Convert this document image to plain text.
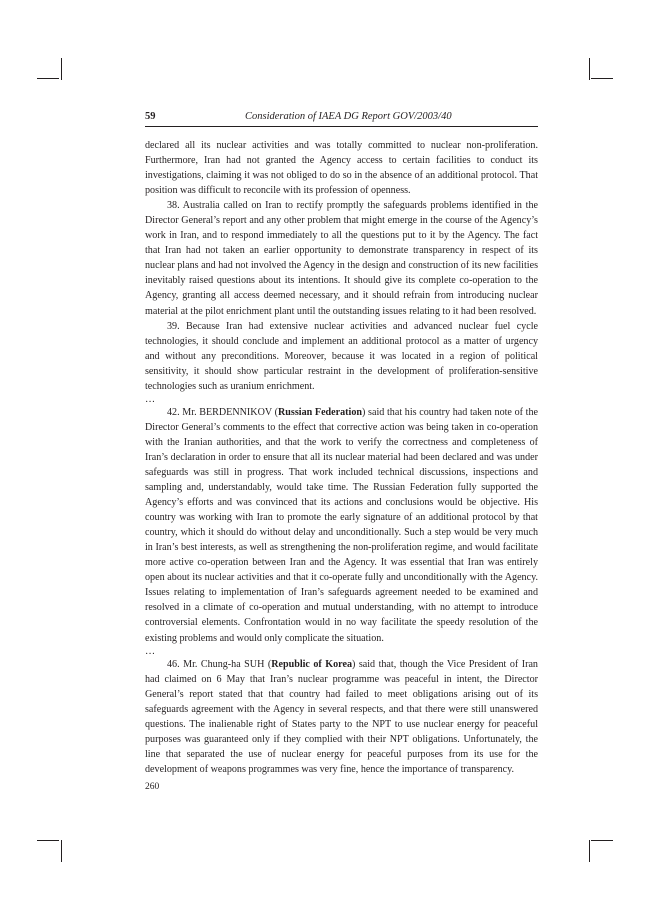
59	Consideration of IAEA DG Report GOV/2003/40

declared all its nuclear activities and was totally committed to nuclear non-proliferation. Furthermore, Iran had not granted the Agency access to certain facilities to conduct its investigations, claiming it was not obliged to do so in the absence of an additional protocol. That position was difficult to reconcile with its profession of openness.

38. Australia called on Iran to rectify promptly the safeguards problems identified in the Director General’s report and any other problem that might emerge in the course of the Agency’s work in Iran, and to respond immediately to all the questions put to it by the Agency. The fact that Iran had not taken an earlier opportunity to demonstrate transparency in respect of its nuclear plans and had not involved the Agency in the design and construction of its new facilities inevitably raised questions about its intentions. It should give its complete co-operation to the Agency, granting all access deemed necessary, and it should refrain from introducing nuclear material at the pilot enrichment plant until the outstanding issues relating to it had been resolved.

39. Because Iran had extensive nuclear activities and advanced nuclear fuel cycle technologies, it should conclude and implement an additional protocol as a matter of urgency and without any preconditions. Moreover, because it was located in a region of political sensitivity, it should show particular restraint in the development of proliferation-sensitive technologies such as uranium enrichment.

…

42. Mr. BERDENNIKOV (Russian Federation) said that his country had taken note of the Director General’s comments to the effect that corrective action was being taken in co-operation with the Iranian authorities, and that the work to verify the correctness and completeness of Iran’s declaration in order to ensure that all its nuclear material had been declared and was under safeguards was still in progress. That work included technical discussions, inspections and sampling and, understandably, would take time. The Russian Federation fully supported the Agency’s efforts and was convinced that its actions and conclusions would be objective. His country was working with Iran to promote the early signature of an additional protocol by that country, which it should do without delay and unconditionally. Such a step would be very much in Iran’s best interests, as well as strengthening the non-proliferation regime, and would facilitate more active co-operation between Iran and the Agency. It was essential that Iran was entirely open about its nuclear activities and that it co-operate fully and unconditionally with the Agency. Issues relating to implementation of Iran’s safeguards agreement needed to be examined and resolved in a climate of co-operation and mutual understanding, with no attempt to introduce controversial elements. Confrontation would in no way facilitate the speedy resolution of the existing problems and would only complicate the situation.

…

46. Mr. Chung-ha SUH (Republic of Korea) said that, though the Vice President of Iran had claimed on 6 May that Iran’s nuclear programme was peaceful in intent, the Director General’s report stated that that country had failed to meet obligations arising out of its safeguards agreement with the Agency in several respects, and that there were still unanswered questions. The inalienable right of States party to the NPT to use nuclear energy for peaceful purposes was guaranteed only if they complied with their NPT obligations. Unfortunately, the line that separated the use of nuclear energy for peaceful purposes from its use for the development of weapons programmes was very fine, hence the importance of transparency.

260
